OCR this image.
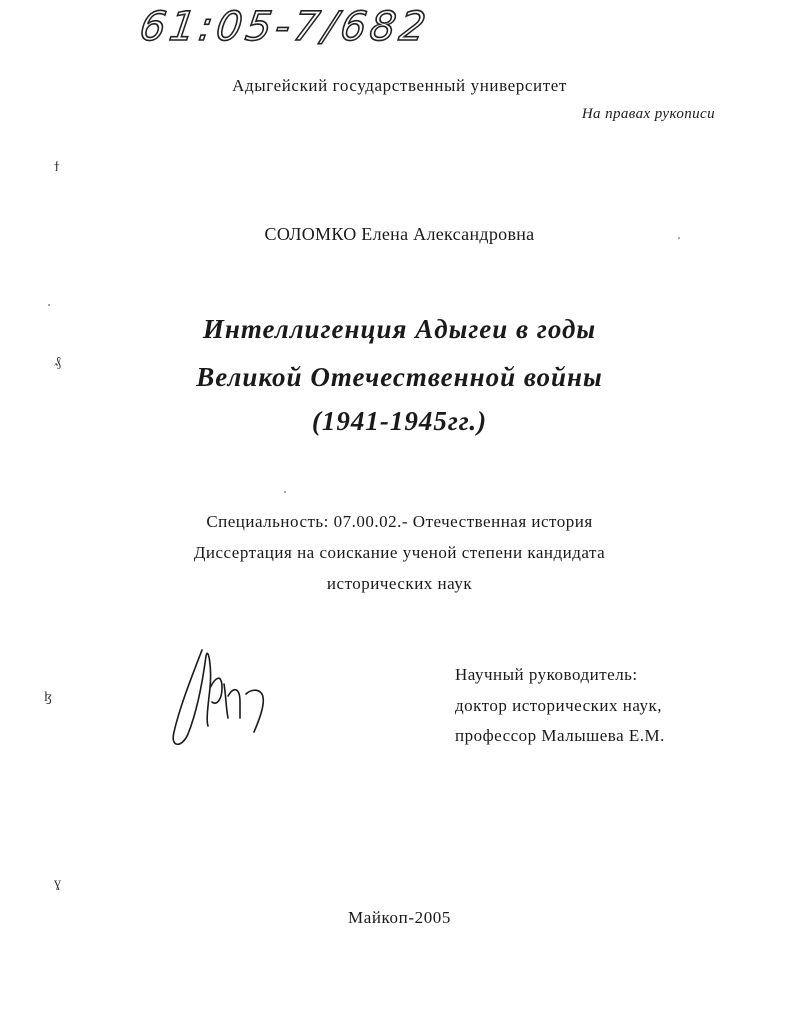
61:05-7/682
Адыгейский государственный университет
На правах рукописи
ϯ
₰
ɮ
ɣ
СОЛОМКО Елена Александровна
Интеллигенция Адыгеи в годы
Великой Отечественной войны
(1941-1945гг.)
Специальность: 07.00.02.- Отечественная история
Диссертация на соискание ученой степени кандидата
исторических наук
Научный руководитель:
доктор исторических наук,
профессор Малышева Е.М.
Майкоп-2005
